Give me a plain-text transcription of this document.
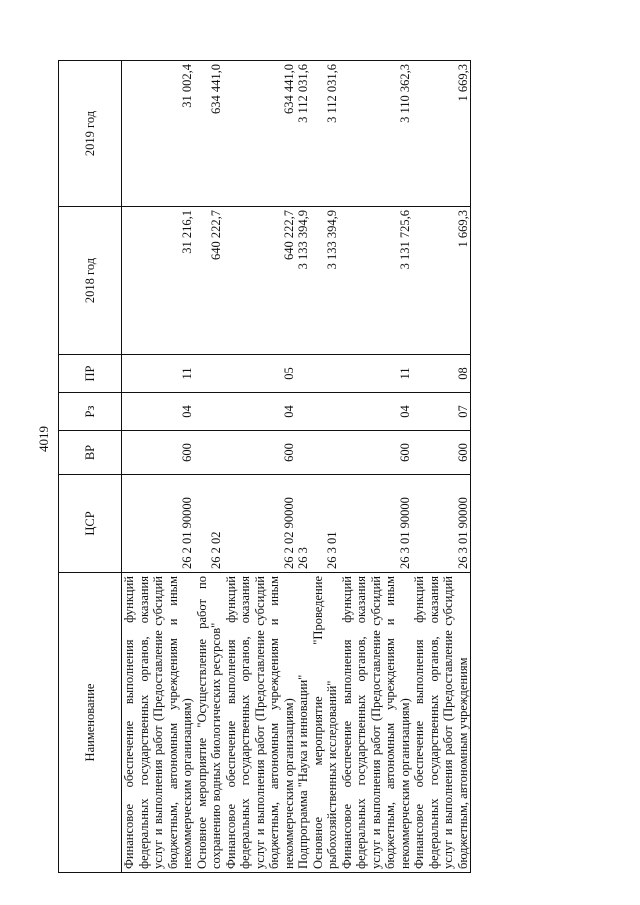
4019
Наименование	ЦСР	ВР	Рз	ПР	2018 год	2019 год
Финансовое обеспечение выполнения функций федеральных государственных органов, оказания услуг и выполнения работ (Предоставление субсидий бюджетным, автономным учреждениям и иным некоммерческим организациям)	26 2 01 90000	600	04	11	31 216,1	31 002,4
Основное мероприятие "Осуществление работ по сохранению водных биологических ресурсов"	26 2 02				640 222,7	634 441,0
Финансовое обеспечение выполнения функций федеральных государственных органов, оказания услуг и выполнения работ (Предоставление субсидий бюджетным, автономным учреждениям и иным некоммерческим организациям)	26 2 02 90000	600	04	05	640 222,7	634 441,0
Подпрограмма "Наука и инновации"	26 3				3 133 394,9	3 112 031,6
Основное мероприятие "Проведение рыбохозяйственных исследований"	26 3 01				3 133 394,9	3 112 031,6
Финансовое обеспечение выполнения функций федеральных государственных органов, оказания услуг и выполнения работ (Предоставление субсидий бюджетным, автономным учреждениям и иным некоммерческим организациям)	26 3 01 90000	600	04	11	3 131 725,6	3 110 362,3
Финансовое обеспечение выполнения функций федеральных государственных органов, оказания услуг и выполнения работ (Предоставление субсидий бюджетным, автономным учреждениям	26 3 01 90000	600	07	08	1 669,3	1 669,3
